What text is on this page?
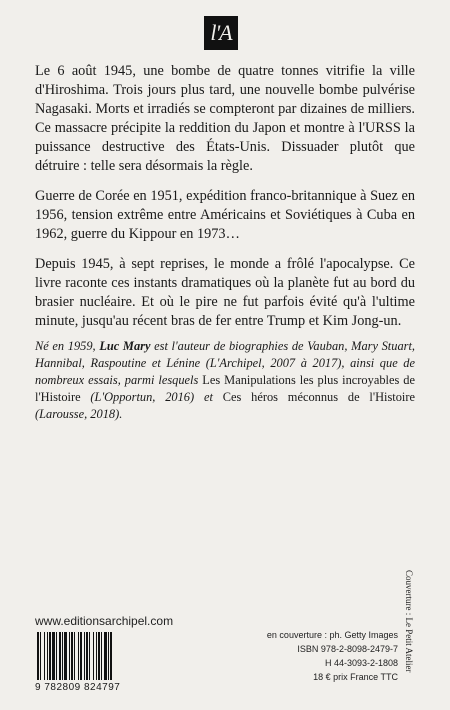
l'A

Le 6 août 1945, une bombe de quatre tonnes vitrifie la ville d'Hiroshima. Trois jours plus tard, une nouvelle bombe pulvérise Nagasaki. Morts et irradiés se compteront par dizaines de milliers. Ce massacre précipite la reddition du Japon et montre à l'URSS la puissance destructive des États-Unis. Dissuader plutôt que détruire : telle sera désormais la règle.

Guerre de Corée en 1951, expédition franco-britannique à Suez en 1956, tension extrême entre Américains et Soviétiques à Cuba en 1962, guerre du Kippour en 1973…

Depuis 1945, à sept reprises, le monde a frôlé l'apocalypse. Ce livre raconte ces instants dramatiques où la planète fut au bord du brasier nucléaire. Et où le pire ne fut parfois évité qu'à l'ultime minute, jusqu'au récent bras de fer entre Trump et Kim Jong-un.

Né en 1959, Luc Mary est l'auteur de biographies de Vauban, Mary Stuart, Hannibal, Raspoutine et Lénine (L'Archipel, 2007 à 2017), ainsi que de nombreux essais, parmi lesquels Les Manipulations les plus incroyables de l'Histoire (L'Opportun, 2016) et Ces héros méconnus de l'Histoire (Larousse, 2018).
www.editionsarchipel.com
9 782809 824797
en couverture : ph. Getty Images
ISBN 978-2-8098-2479-7
H 44-3093-2-1808
18 € prix France TTC
Couverture : Le Petit Atelier
